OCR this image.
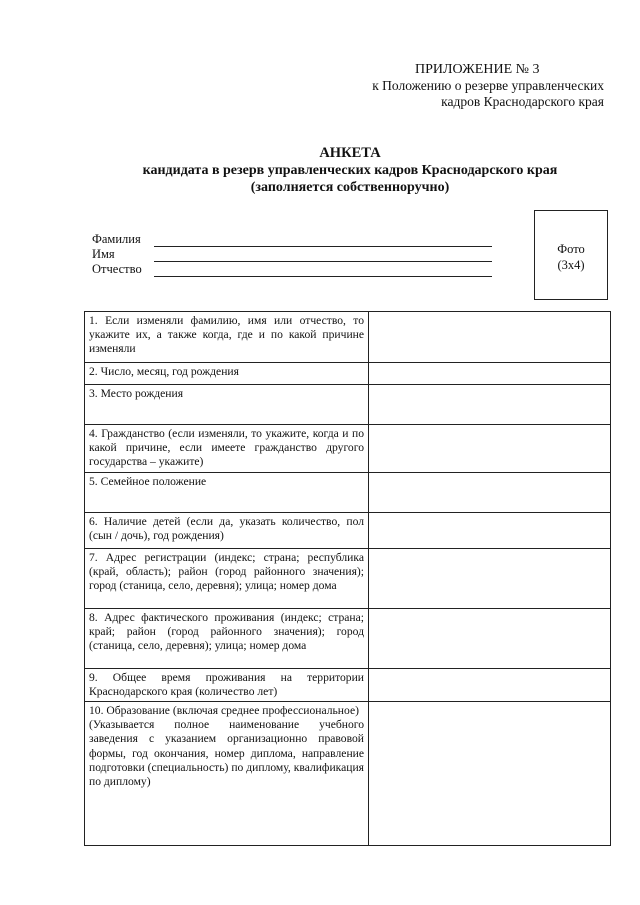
ПРИЛОЖЕНИЕ № 3
к Положению о резерве управленческих
кадров Краснодарского края
АНКЕТА
кандидата в резерв управленческих кадров Краснодарского края
(заполняется собственноручно)
Фамилия
Имя
Отчество
Фото
(3х4)
1. Если изменяли фамилию, имя или отчество, то укажите их, а также когда, где и по какой причине изменяли	
2. Число, месяц, год рождения	
3. Место рождения	
4. Гражданство (если изменяли, то укажите, когда и по какой причине, если имеете гражданство другого государства – укажите)	
5. Семейное положение	
6. Наличие детей (если да, указать количество, пол (сын / дочь), год рождения)	
7. Адрес регистрации (индекс; страна; республика (край, область); район (город районного значения); город (станица, село, деревня); улица; номер дома	
8. Адрес фактического проживания (индекс; страна; край; район (город районного значения); город (станица, село, деревня); улица; номер дома	
9. Общее время проживания на территории Краснодарского края (количество лет)	
10. Образование (включая среднее профессиональное)
(Указывается полное наименование учебного заведения с указанием организационно правовой формы, год окончания, номер диплома, направление подготовки (специальность) по диплому, квалификация по диплому)	
